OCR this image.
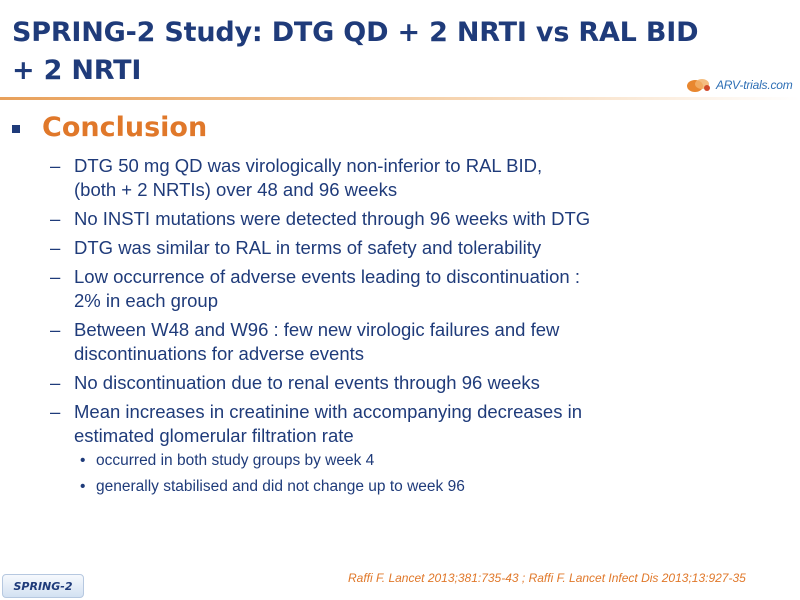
SPRING-2 Study: DTG QD + 2 NRTI vs RAL BID
+ 2 NRTI	ARV-trials.com
Conclusion
– DTG 50 mg QD was virologically non-inferior to RAL BID,
(both + 2 NRTIs) over 48 and 96 weeks
– No INSTI mutations were detected through 96 weeks with DTG
– DTG was similar to RAL in terms of safety and tolerability
– Low occurrence of adverse events leading to discontinuation :
2% in each group
– Between W48 and W96 : few new virologic failures and few
discontinuations for adverse events
– No discontinuation due to renal events through 96 weeks
– Mean increases in creatinine with accompanying decreases in
estimated glomerular filtration rate
• occurred in both study groups by week 4
• generally stabilised and did not change up to week 96
SPRING-2
Raffi F. Lancet 2013;381:735-43 ; Raffi F. Lancet Infect Dis 2013;13:927-35
